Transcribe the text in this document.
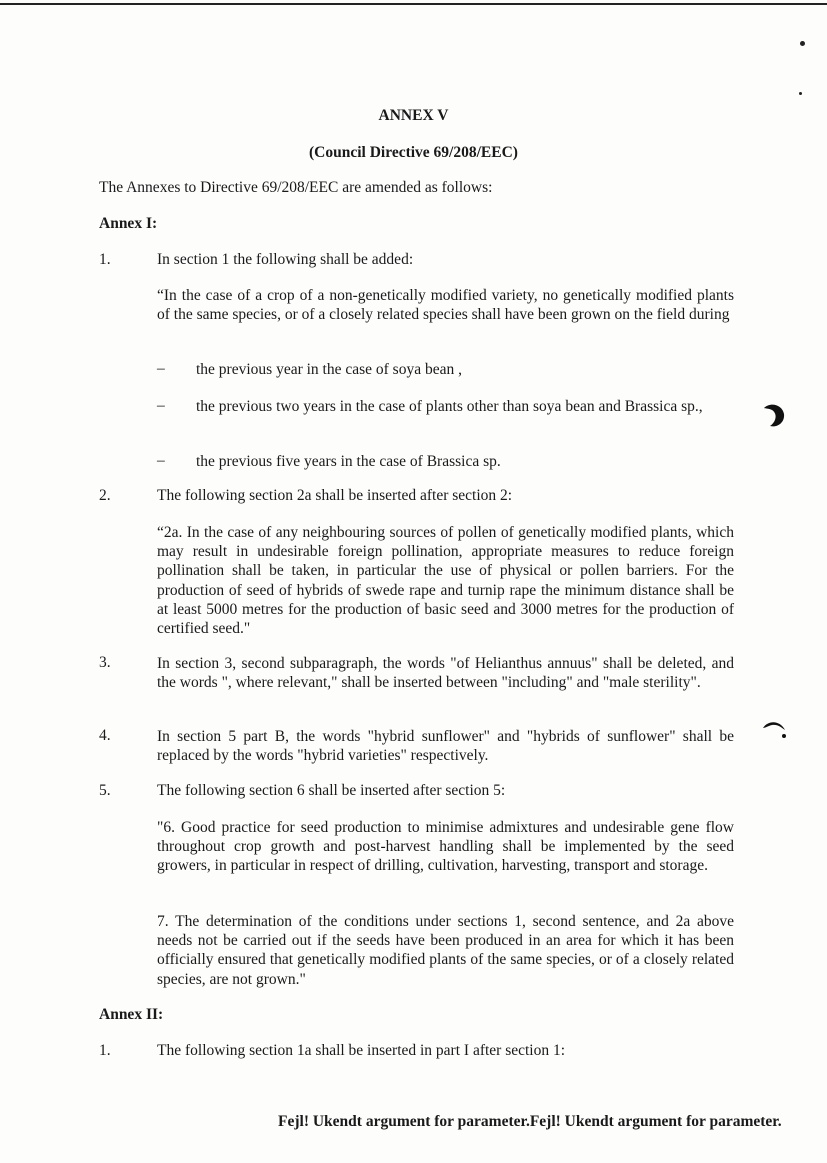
ANNEX V
(Council Directive 69/208/EEC)
The Annexes to Directive 69/208/EEC are amended as follows:
Annex I:
1.	In section 1 the following shall be added:
“In the case of a crop of a non-genetically modified variety, no genetically modified plants of the same species, or of a closely related species shall have been grown on the field during
– the previous year in the case of soya bean ,
– the previous two years in the case of plants other than soya bean and Brassica sp.,
– the previous five years in the case of Brassica sp.
2.	The following section 2a shall be inserted after section 2:
“2a. In the case of any neighbouring sources of pollen of genetically modified plants, which may result in undesirable foreign pollination, appropriate measures to reduce foreign pollination shall be taken, in particular the use of physical or pollen barriers. For the production of seed of hybrids of swede rape and turnip rape the minimum distance shall be at least 5000 metres for the production of basic seed and 3000 metres for the production of certified seed."
3.	In section 3, second subparagraph, the words "of Helianthus annuus" shall be deleted, and the words ", where relevant," shall be inserted between "including" and "male sterility".
4.	In section 5 part B, the words "hybrid sunflower" and "hybrids of sunflower" shall be replaced by the words "hybrid varieties" respectively.
5.	The following section 6 shall be inserted after section 5:
"6. Good practice for seed production to minimise admixtures and undesirable gene flow throughout crop growth and post-harvest handling shall be implemented by the seed growers, in particular in respect of drilling, cultivation, harvesting, transport and storage.
7. The determination of the conditions under sections 1, second sentence, and 2a above needs not be carried out if the seeds have been produced in an area for which it has been officially ensured that genetically modified plants of the same species, or of a closely related species, are not grown."
Annex II:
1.	The following section 1a shall be inserted in part I after section 1:
Fejl! Ukendt argument for parameter.Fejl! Ukendt argument for parameter.
